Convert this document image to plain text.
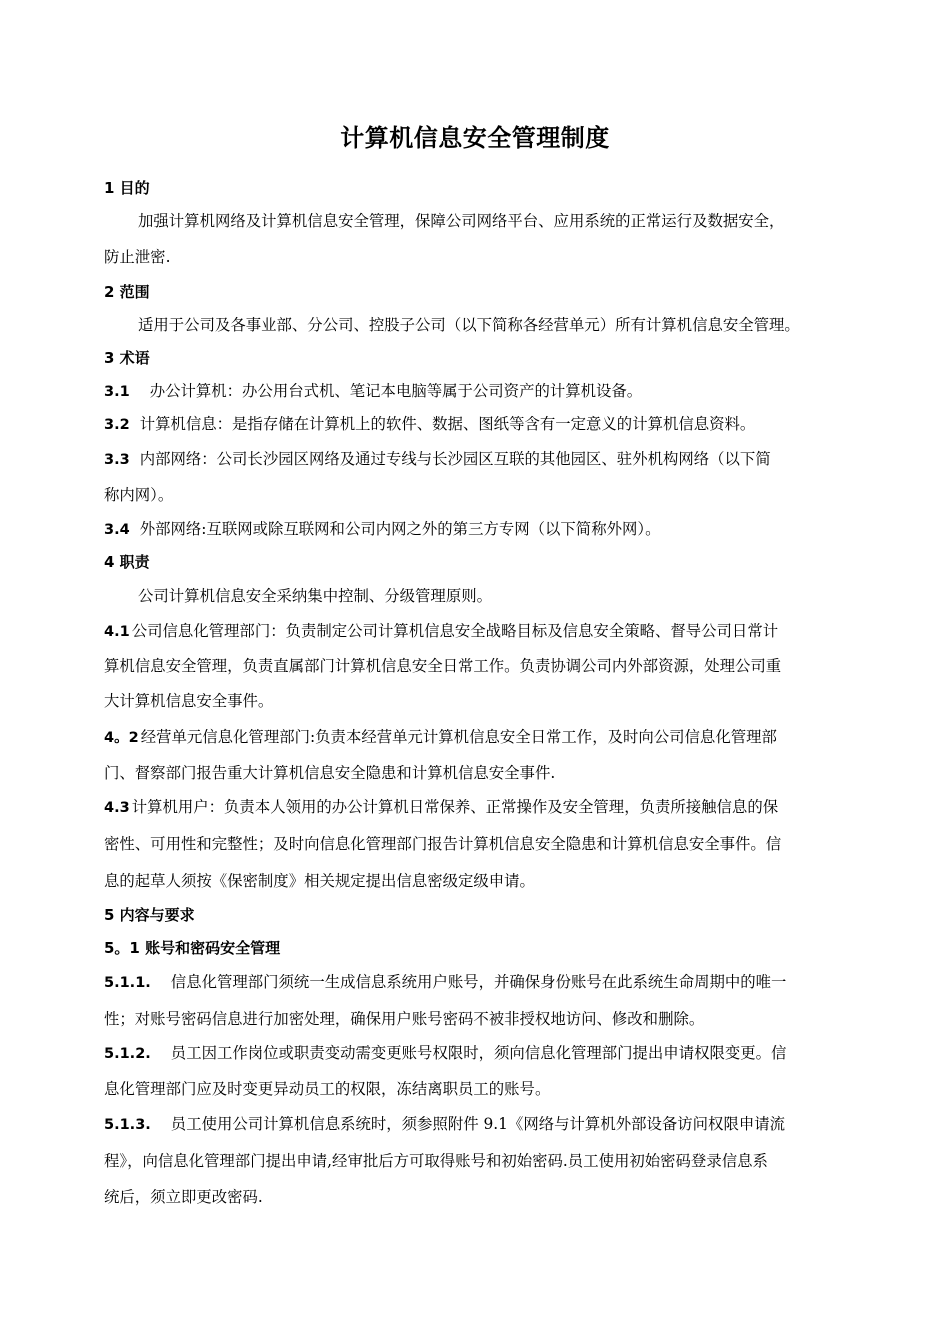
计算机信息安全管理制度
1 目的
加强计算机网络及计算机信息安全管理，保障公司网络平台、应用系统的正常运行及数据安全，
防止泄密.
2 范围
适用于公司及各事业部、分公司、控股子公司（以下简称各经营单元）所有计算机信息安全管理。
3 术语
3.1 办公计算机：办公用台式机、笔记本电脑等属于公司资产的计算机设备。
3.2 计算机信息：是指存储在计算机上的软件、数据、图纸等含有一定意义的计算机信息资料。
3.3 内部网络：公司长沙园区网络及通过专线与长沙园区互联的其他园区、驻外机构网络（以下简
称内网）。
3.4 外部网络:互联网或除互联网和公司内网之外的第三方专网（以下简称外网）。
4 职责
公司计算机信息安全采纳集中控制、分级管理原则。
4.1 公司信息化管理部门：负责制定公司计算机信息安全战略目标及信息安全策略、督导公司日常计
算机信息安全管理，负责直属部门计算机信息安全日常工作。负责协调公司内外部资源，处理公司重
大计算机信息安全事件。
4。2 经营单元信息化管理部门:负责本经营单元计算机信息安全日常工作，及时向公司信息化管理部
门、督察部门报告重大计算机信息安全隐患和计算机信息安全事件.
4.3 计算机用户：负责本人领用的办公计算机日常保养、正常操作及安全管理，负责所接触信息的保
密性、可用性和完整性；及时向信息化管理部门报告计算机信息安全隐患和计算机信息安全事件。信
息的起草人须按《保密制度》相关规定提出信息密级定级申请。
5 内容与要求
5。1 账号和密码安全管理
5.1.1. 信息化管理部门须统一生成信息系统用户账号，并确保身份账号在此系统生命周期中的唯一
性；对账号密码信息进行加密处理，确保用户账号密码不被非授权地访问、修改和删除。
5.1.2. 员工因工作岗位或职责变动需变更账号权限时，须向信息化管理部门提出申请权限变更。信
息化管理部门应及时变更异动员工的权限，冻结离职员工的账号。
5.1.3. 员工使用公司计算机信息系统时，须参照附件 9.1《网络与计算机外部设备访问权限申请流
程》，向信息化管理部门提出申请,经审批后方可取得账号和初始密码.员工使用初始密码登录信息系
统后，须立即更改密码.
